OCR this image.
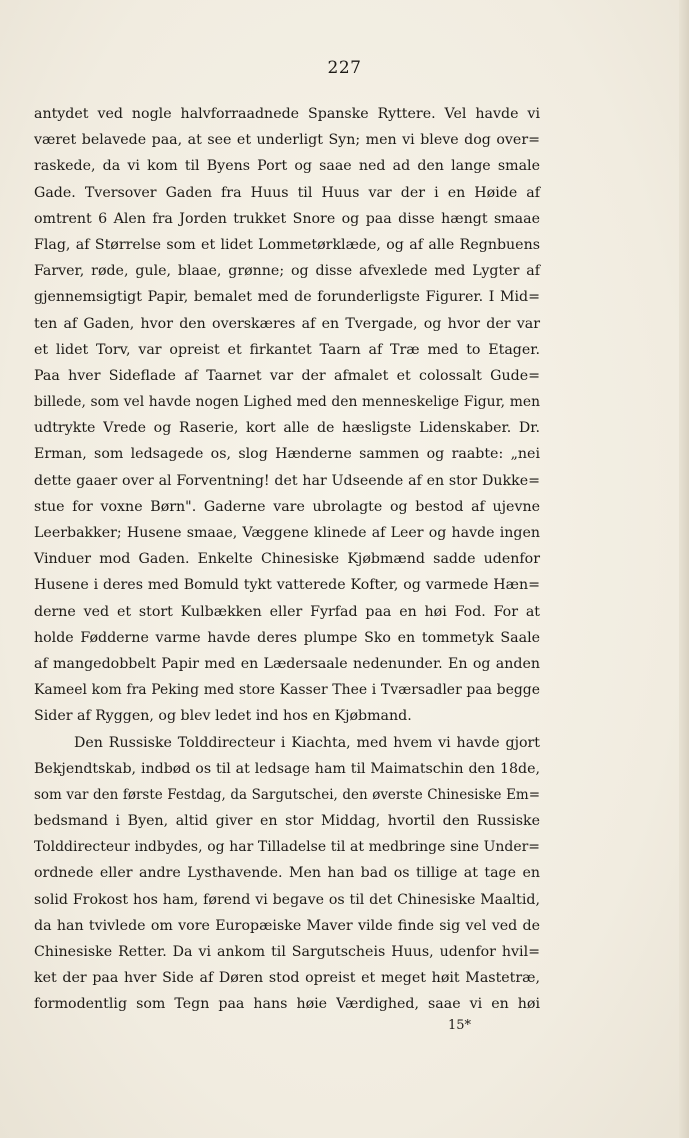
227
antydet ved nogle halvforraadnede Spanske Ryttere. Vel havde vi
været belavede paa, at see et underligt Syn; men vi bleve dog over=
raskede, da vi kom til Byens Port og saae ned ad den lange smale
Gade. Tversover Gaden fra Huus til Huus var der i en Høide af
omtrent 6 Alen fra Jorden trukket Snore og paa disse hængt smaae
Flag, af Størrelse som et lidet Lommetørklæde, og af alle Regnbuens
Farver, røde, gule, blaae, grønne; og disse afvexlede med Lygter af
gjennemsigtigt Papir, bemalet med de forunderligste Figurer. I Mid=
ten af Gaden, hvor den overskæres af en Tvergade, og hvor der var
et lidet Torv, var opreist et firkantet Taarn af Træ med to Etager.
Paa hver Sideflade af Taarnet var der afmalet et colossalt Gude=
billede, som vel havde nogen Lighed med den menneskelige Figur, men
udtrykte Vrede og Raserie, kort alle de hæsligste Lidenskaber. Dr.
Erman, som ledsagede os, slog Hænderne sammen og raabte: „nei
dette gaaer over al Forventning! det har Udseende af en stor Dukke=
stue for voxne Børn". Gaderne vare ubrolagte og bestod af ujevne
Leerbakker; Husene smaae, Væggene klinede af Leer og havde ingen
Vinduer mod Gaden. Enkelte Chinesiske Kjøbmænd sadde udenfor
Husene i deres med Bomuld tykt vatterede Kofter, og varmede Hæn=
derne ved et stort Kulbækken eller Fyrfad paa en høi Fod. For at
holde Fødderne varme havde deres plumpe Sko en tommetyk Saale
af mangedobbelt Papir med en Lædersaale nedenunder. En og anden
Kameel kom fra Peking med store Kasser Thee i Tværsadler paa begge
Sider af Ryggen, og blev ledet ind hos en Kjøbmand.
Den Russiske Tolddirecteur i Kiachta, med hvem vi havde gjort
Bekjendtskab, indbød os til at ledsage ham til Maimatschin den 18de,
som var den første Festdag, da Sargutschei, den øverste Chinesiske Em=
bedsmand i Byen, altid giver en stor Middag, hvortil den Russiske
Tolddirecteur indbydes, og har Tilladelse til at medbringe sine Under=
ordnede eller andre Lysthavende. Men han bad os tillige at tage en
solid Frokost hos ham, førend vi begave os til det Chinesiske Maaltid,
da han tvivlede om vore Europæiske Maver vilde finde sig vel ved de
Chinesiske Retter. Da vi ankom til Sargutscheis Huus, udenfor hvil=
ket der paa hver Side af Døren stod opreist et meget høit Mastetræ,
formodentlig som Tegn paa hans høie Værdighed, saae vi en høi
15*
